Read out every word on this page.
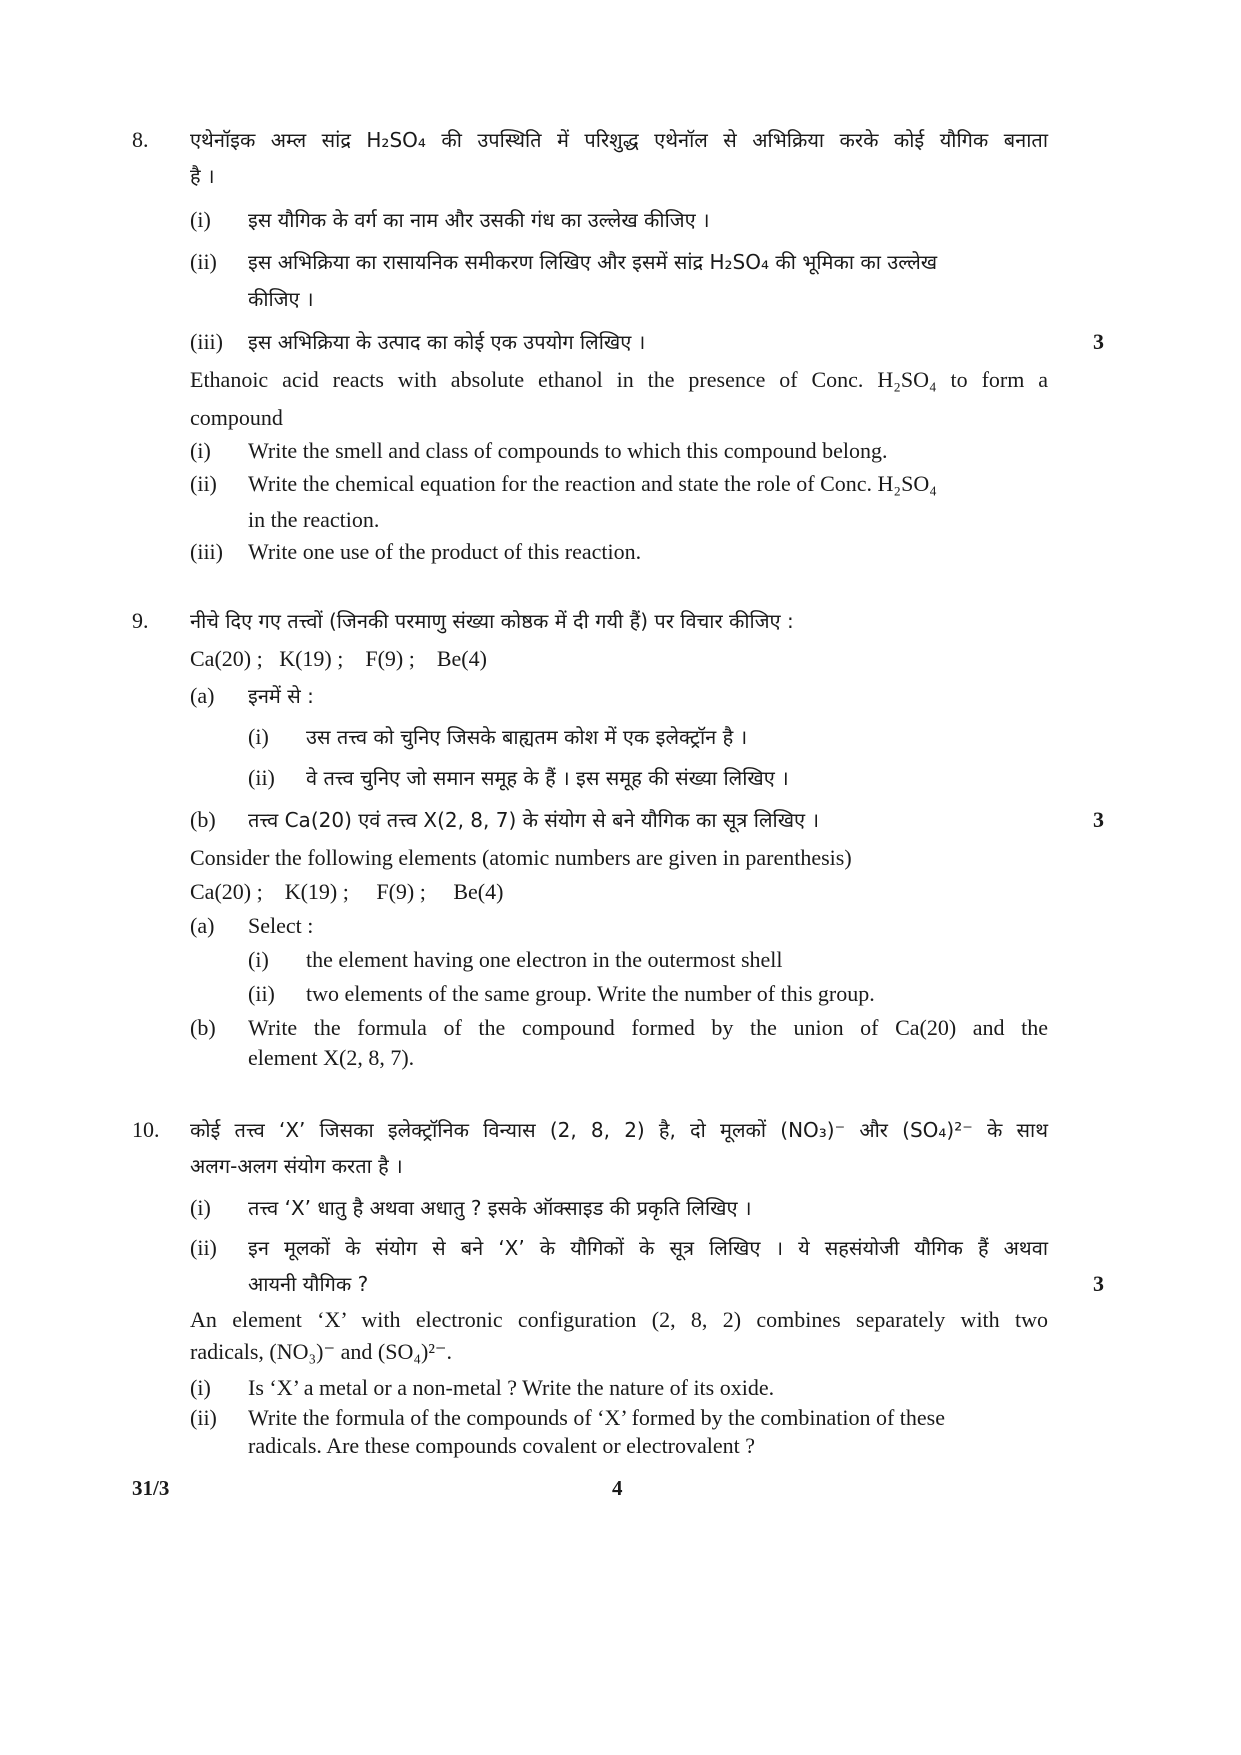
8. एथेनॉइक अम्ल सांद्र H₂SO₄ की उपस्थिति में परिशुद्ध एथेनॉल से अभिक्रिया करके कोई यौगिक बनाता
है ।
(i) इस यौगिक के वर्ग का नाम और उसकी गंध का उल्लेख कीजिए ।
(ii) इस अभिक्रिया का रासायनिक समीकरण लिखिए और इसमें सांद्र H₂SO₄ की भूमिका का उल्लेख
कीजिए ।
(iii) इस अभिक्रिया के उत्पाद का कोई एक उपयोग लिखिए ।	3
Ethanoic acid reacts with absolute ethanol in the presence of Conc. H₂SO₄ to form a
compound
(i) Write the smell and class of compounds to which this compound belong.
(ii) Write the chemical equation for the reaction and state the role of Conc. H₂SO₄
in the reaction.
(iii) Write one use of the product of this reaction.
9. नीचे दिए गए तत्त्वों (जिनकी परमाणु संख्या कोष्ठक में दी गयी हैं) पर विचार कीजिए :
Ca(20) ;   K(19) ;    F(9) ;    Be(4)
(a) इनमें से :
(i) उस तत्त्व को चुनिए जिसके बाह्यतम कोश में एक इलेक्ट्रॉन है ।
(ii) वे तत्त्व चुनिए जो समान समूह के हैं । इस समूह की संख्या लिखिए ।
(b) तत्त्व Ca(20) एवं तत्त्व X(2, 8, 7) के संयोग से बने यौगिक का सूत्र लिखिए ।	3
Consider the following elements (atomic numbers are given in parenthesis)
Ca(20) ;    K(19) ;     F(9) ;     Be(4)
(a) Select :
(i) the element having one electron in the outermost shell
(ii) two elements of the same group. Write the number of this group.
(b) Write the formula of the compound formed by the union of Ca(20) and the
element X(2, 8, 7).
10. कोई तत्त्व ‘X’ जिसका इलेक्ट्रॉनिक विन्यास (2, 8, 2) है, दो मूलकों (NO₃)⁻ और (SO₄)²⁻ के साथ
अलग-अलग संयोग करता है ।
(i) तत्त्व ‘X’ धातु है अथवा अधातु ? इसके ऑक्साइड की प्रकृति लिखिए ।
(ii) इन मूलकों के संयोग से बने ‘X’ के यौगिकों के सूत्र लिखिए । ये सहसंयोजी यौगिक हैं अथवा
आयनी यौगिक ?	3
An element ‘X’ with electronic configuration (2, 8, 2) combines separately with two
radicals, (NO₃)⁻ and (SO₄)²⁻.
(i) Is ‘X’ a metal or a non-metal ? Write the nature of its oxide.
(ii) Write the formula of the compounds of ‘X’ formed by the combination of these
radicals. Are these compounds covalent or electrovalent ?
31/3	4
